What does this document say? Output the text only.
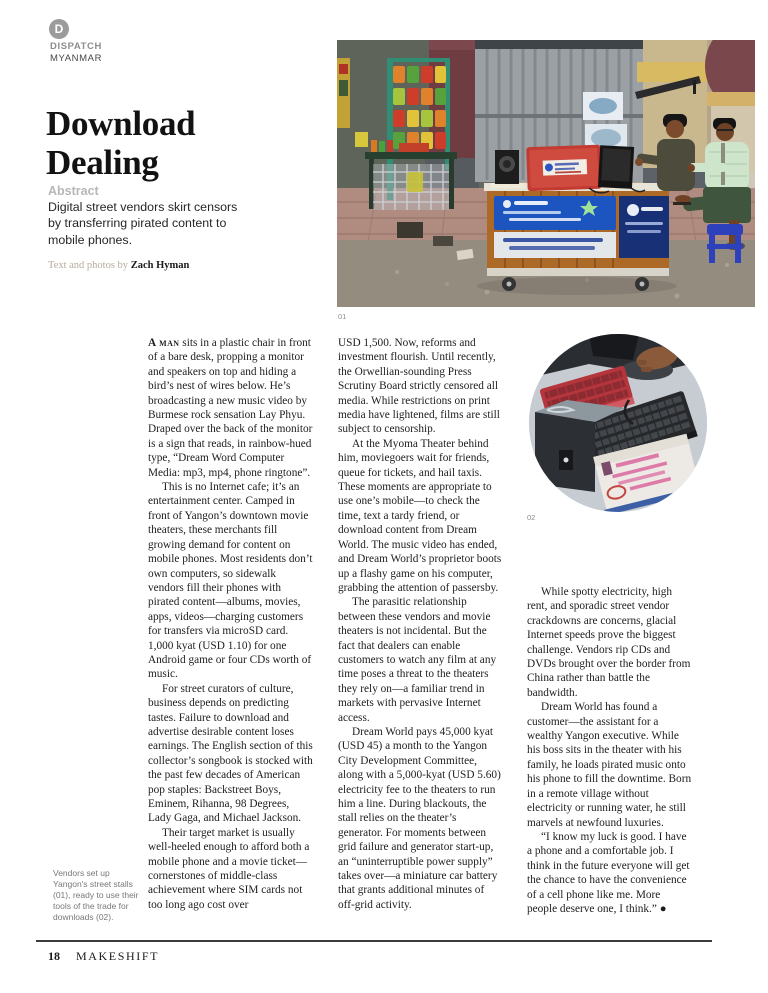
D
DISPATCH
MYANMAR
Download
Dealing
Abstract
Digital street vendors skirt censors by transferring pirated content to mobile phones.
Text and photos by Zach Hyman
01
02

A man sits in a plastic chair in front of a bare desk, propping a monitor and speakers on top and hiding a bird’s nest of wires below. He’s broadcasting a new music video by Burmese rock sensation Lay Phyu. Draped over the back of the monitor is a sign that reads, in rainbow-hued type, “Dream Word Computer Media: mp3, mp4, phone ringtone”.

This is no Internet cafe; it’s an entertainment center. Camped in front of Yangon’s downtown movie theaters, these merchants fill growing demand for content on mobile phones. Most residents don’t own computers, so sidewalk vendors fill their phones with pirated content—albums, movies, apps, videos—charging customers for transfers via microSD card. 1,000 kyat (USD 1.10) for one Android game or four CDs worth of music.

For street curators of culture, business depends on predicting tastes. Failure to download and advertise desirable content loses earnings. The English section of this collector’s songbook is stocked with the past few decades of American pop staples: Backstreet Boys, Eminem, Rihanna, 98 Degrees, Lady Gaga, and Michael Jackson.

Their target market is usually well-heeled enough to afford both a mobile phone and a movie ticket—cornerstones of middle-class achievement where SIM cards not too long ago cost over

USD 1,500. Now, reforms and investment flourish. Until recently, the Orwellian-sounding Press Scrutiny Board strictly censored all media. While restrictions on print media have lightened, films are still subject to censorship.

At the Myoma Theater behind him, moviegoers wait for friends, queue for tickets, and hail taxis. These moments are appropriate to use one’s mobile—to check the time, text a tardy friend, or download content from Dream World. The music video has ended, and Dream World’s proprietor boots up a flashy game on his computer, grabbing the attention of passersby.

The parasitic relationship between these vendors and movie theaters is not incidental. But the fact that dealers can enable customers to watch any film at any time poses a threat to the theaters they rely on—a familiar trend in markets with pervasive Internet access.

Dream World pays 45,000 kyat (USD 45) a month to the Yangon City Development Committee, along with a 5,000-kyat (USD 5.60) electricity fee to the theaters to run him a line. During blackouts, the stall relies on the theater’s generator. For moments between grid failure and generator start-up, an “uninterruptible power supply” takes over—a miniature car battery that grants additional minutes of off-grid activity.

While spotty electricity, high rent, and sporadic street vendor crackdowns are concerns, glacial Internet speeds prove the biggest challenge. Vendors rip CDs and DVDs brought over the border from China rather than battle the bandwidth.

Dream World has found a customer—the assistant for a wealthy Yangon executive. While his boss sits in the theater with his family, he loads pirated music onto his phone to fill the downtime. Born in a remote village without electricity or running water, he still marvels at newfound luxuries.

“I know my luck is good. I have a phone and a comfortable job. I think in the future everyone will get the chance to have the convenience of a cell phone like me. More people deserve one, I think.” ●

Vendors set up Yangon's street stalls (01), ready to use their tools of the trade for downloads (02).
18 MAKESHIFT
